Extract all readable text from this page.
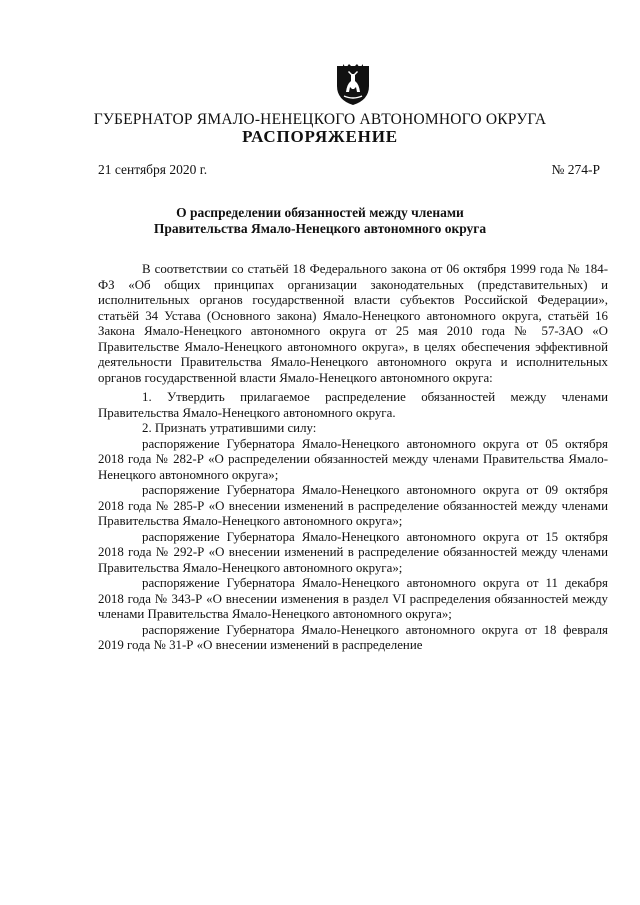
ГУБЕРНАТОР ЯМАЛО-НЕНЕЦКОГО АВТОНОМНОГО ОКРУГА
РАСПОРЯЖЕНИЕ
21 сентября 2020 г.	№ 274-Р
О распределении обязанностей между членами
Правительства Ямало-Ненецкого автономного округа

В соответствии со статьёй 18 Федерального закона от 06 октября 1999 года № 184-ФЗ «Об общих принципах организации законодательных (представительных) и исполнительных органов государственной власти субъектов Российской Федерации», статьёй 34 Устава (Основного закона) Ямало-Ненецкого автономного округа, статьёй 16 Закона Ямало-Ненецкого автономного округа от 25 мая 2010 года № 57-ЗАО «О Правительстве Ямало-Ненецкого автономного округа», в целях обеспечения эффективной деятельности Правительства Ямало-Ненецкого автономного округа и исполнительных органов государственной власти Ямало-Ненецкого автономного округа:

1. Утвердить прилагаемое распределение обязанностей между членами Правительства Ямало-Ненецкого автономного округа.

2. Признать утратившими силу:

распоряжение Губернатора Ямало-Ненецкого автономного округа от 05 октября 2018 года № 282-Р «О распределении обязанностей между членами Правительства Ямало-Ненецкого автономного округа»;

распоряжение Губернатора Ямало-Ненецкого автономного округа от 09 октября 2018 года № 285-Р «О внесении изменений в распределение обязанностей между членами Правительства Ямало-Ненецкого автономного округа»;

распоряжение Губернатора Ямало-Ненецкого автономного округа от 15 октября 2018 года № 292-Р «О внесении изменений в распределение обязанностей между членами Правительства Ямало-Ненецкого автономного округа»;

распоряжение Губернатора Ямало-Ненецкого автономного округа от 11 декабря 2018 года № 343-Р «О внесении изменения в раздел VI распределения обязанностей между членами Правительства Ямало-Ненецкого автономного округа»;

распоряжение Губернатора Ямало-Ненецкого автономного округа от 18 февраля 2019 года № 31-Р «О внесении изменений в распределение
